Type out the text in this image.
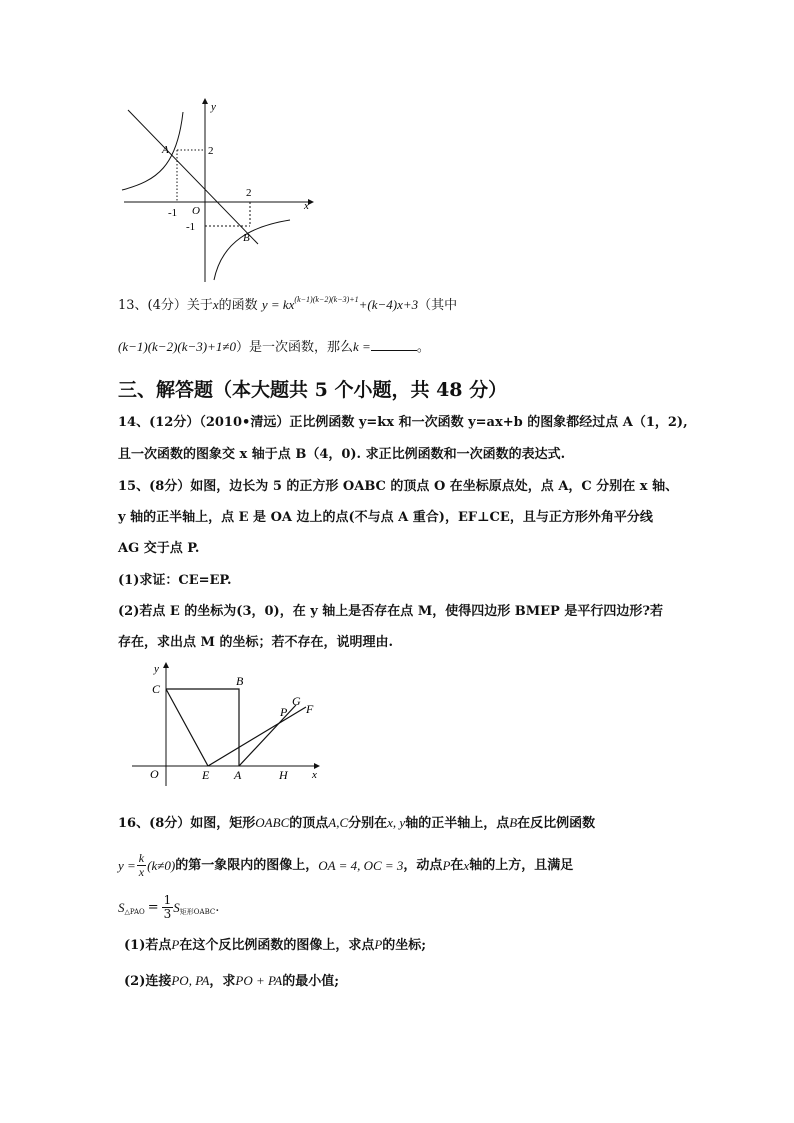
y
x
A
B
O
2
2
-1
-1
13、(4分）关于x的函数 $y = kx^{(k-1)(k-2)(k-3)+1}+(k-4)x+3$（其中
(k−1)(k−2)(k−3)+1≠0）是一次函数，那么k =	。
三、解答题（本大题共 5 个小题，共 48 分）
14、(12分）（2010•清远）正比例函数 y=kx 和一次函数 y=ax+b 的图象都经过点 A（1，2),
且一次函数的图象交 x 轴于点 B（4，0). 求正比例函数和一次函数的表达式.
15、(8分）如图，边长为 5 的正方形 OABC 的顶点 O 在坐标原点处，点 A，C 分别在 x 轴、
y 轴的正半轴上，点 E 是 OA 边上的点(不与点 A 重合)，EF⊥CE，且与正方形外角平分线
AG 交于点 P.
(1)求证：CE=EP.
(2)若点 E 的坐标为(3，0)，在 y 轴上是否存在点 M，使得四边形 BMEP 是平行四边形?若
存在，求出点 M 的坐标；若不存在，说明理由.
y
x
C
B
G
P F
O	E A	H
16、(8分）如图，矩形OABC的顶点A,C分别在x, y轴的正半轴上，点B在反比例函数
$y = \frac{k}{x} (k\ne 0)$ 的第一象限内的图像上， OA = 4, OC = 3 ，动点 P 在 x 轴的上方，且满足
S △PAO = $\frac{1}{3}$ S 矩形OABC .
(1)若点P在这个反比例函数的图像上，求点P的坐标;
(2)连接PO, PA，求PO + PA的最小值;
